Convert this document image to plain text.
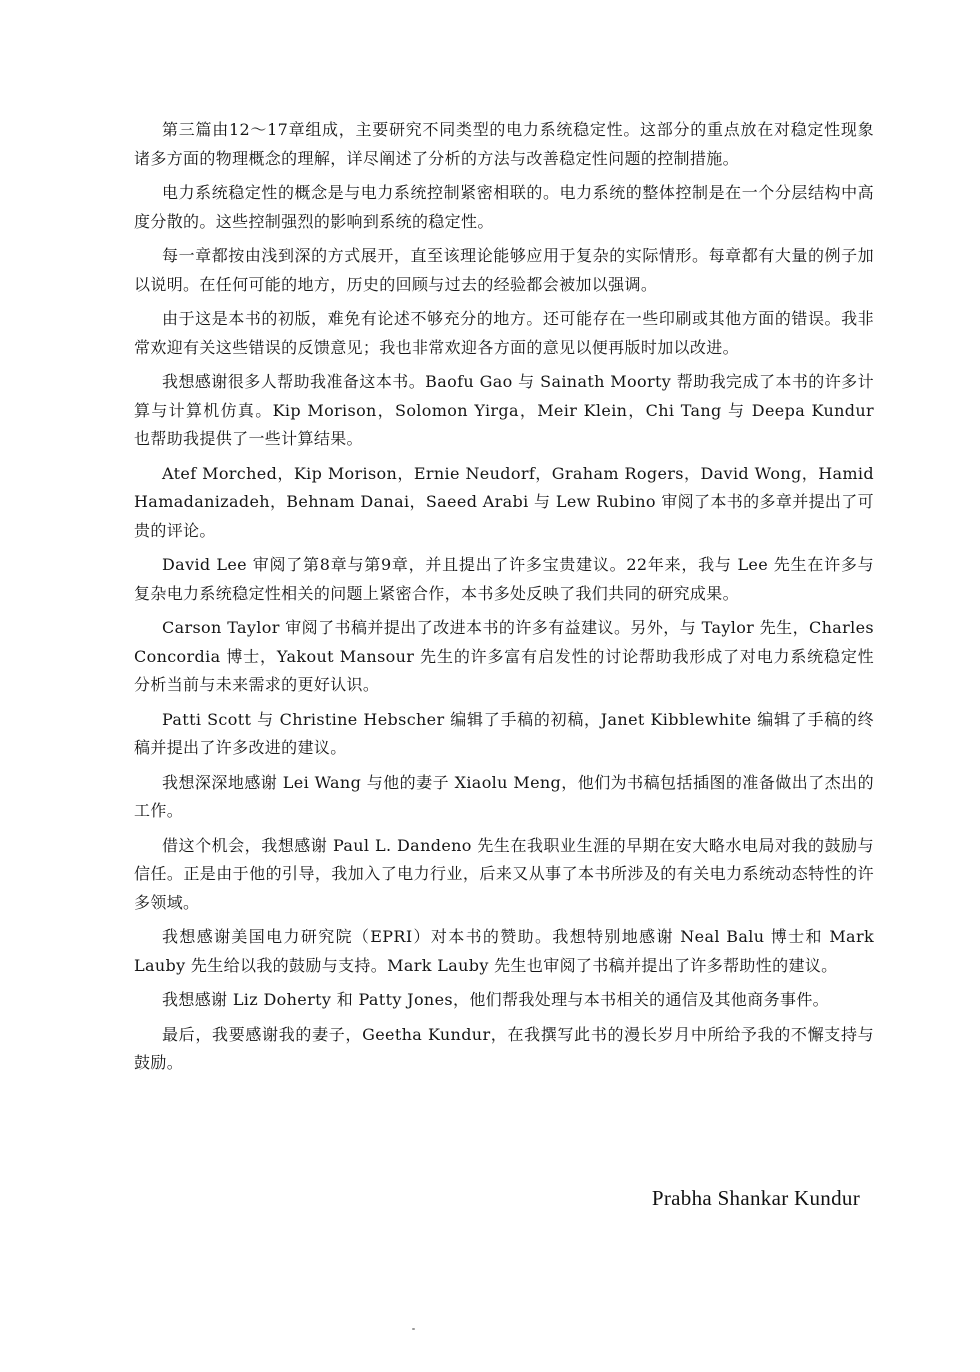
第三篇由12～17章组成，主要研究不同类型的电力系统稳定性。这部分的重点放在对稳定性现象诸多方面的物理概念的理解，详尽阐述了分析的方法与改善稳定性问题的控制措施。

电力系统稳定性的概念是与电力系统控制紧密相联的。电力系统的整体控制是在一个分层结构中高度分散的。这些控制强烈的影响到系统的稳定性。

每一章都按由浅到深的方式展开，直至该理论能够应用于复杂的实际情形。每章都有大量的例子加以说明。在任何可能的地方，历史的回顾与过去的经验都会被加以强调。

由于这是本书的初版，难免有论述不够充分的地方。还可能存在一些印刷或其他方面的错误。我非常欢迎有关这些错误的反馈意见；我也非常欢迎各方面的意见以便再版时加以改进。

我想感谢很多人帮助我准备这本书。Baofu Gao 与 Sainath Moorty 帮助我完成了本书的许多计算与计算机仿真。Kip Morison，Solomon Yirga，Meir Klein，Chi Tang 与 Deepa Kundur 也帮助我提供了一些计算结果。

Atef Morched，Kip Morison，Ernie Neudorf，Graham Rogers，David Wong，Hamid Hamadanizadeh，Behnam Danai，Saeed Arabi 与 Lew Rubino 审阅了本书的多章并提出了可贵的评论。

David Lee 审阅了第8章与第9章，并且提出了许多宝贵建议。22年来，我与 Lee 先生在许多与复杂电力系统稳定性相关的问题上紧密合作，本书多处反映了我们共同的研究成果。

Carson Taylor 审阅了书稿并提出了改进本书的许多有益建议。另外，与 Taylor 先生，Charles Concordia 博士，Yakout Mansour 先生的许多富有启发性的讨论帮助我形成了对电力系统稳定性分析当前与未来需求的更好认识。

Patti Scott 与 Christine Hebscher 编辑了手稿的初稿，Janet Kibblewhite 编辑了手稿的终稿并提出了许多改进的建议。

我想深深地感谢 Lei Wang 与他的妻子 Xiaolu Meng，他们为书稿包括插图的准备做出了杰出的工作。

借这个机会，我想感谢 Paul L. Dandeno 先生在我职业生涯的早期在安大略水电局对我的鼓励与信任。正是由于他的引导，我加入了电力行业，后来又从事了本书所涉及的有关电力系统动态特性的许多领域。

我想感谢美国电力研究院（EPRI）对本书的赞助。我想特别地感谢 Neal Balu 博士和 Mark Lauby 先生给以我的鼓励与支持。Mark Lauby 先生也审阅了书稿并提出了许多帮助性的建议。

我想感谢 Liz Doherty 和 Patty Jones，他们帮我处理与本书相关的通信及其他商务事件。

最后，我要感谢我的妻子，Geetha Kundur，在我撰写此书的漫长岁月中所给予我的不懈支持与鼓励。

Prabha Shankar Kundur
